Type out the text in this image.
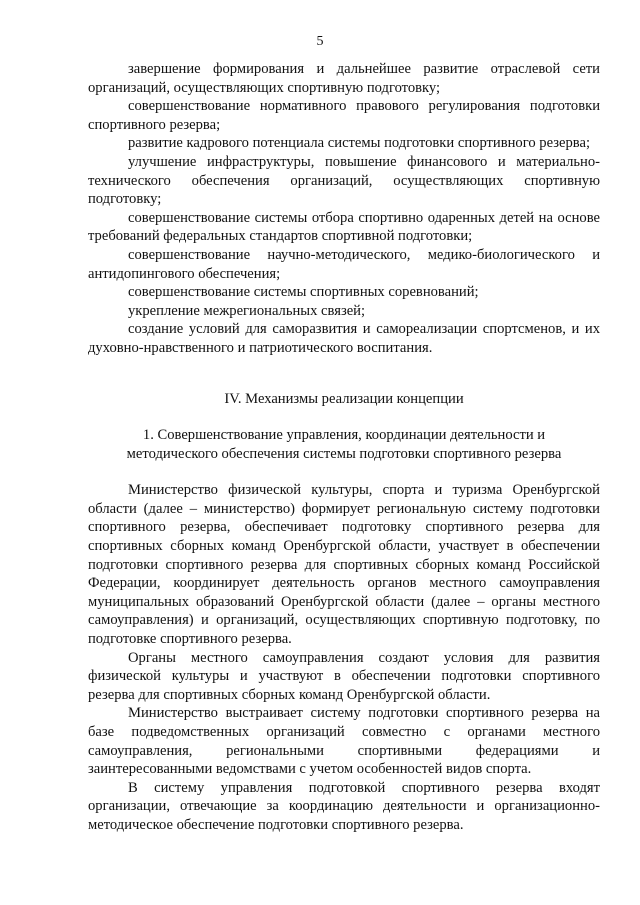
5

завершение формирования и дальнейшее развитие отраслевой сети организаций, осуществляющих спортивную подготовку;

совершенствование нормативного правового регулирования подготовки спортивного резерва;

развитие кадрового потенциала системы подготовки спортивного резерва;

улучшение инфраструктуры, повышение финансового и материально-технического обеспечения организаций, осуществляющих спортивную подготовку;

совершенствование системы отбора спортивно одаренных детей на основе требований федеральных стандартов спортивной подготовки;

совершенствование научно-методического, медико-биологического и антидопингового обеспечения;

совершенствование системы спортивных соревнований;

укрепление межрегиональных связей;

создание условий для саморазвития и самореализации спортсменов, и их духовно-нравственного и патриотического воспитания.

IV. Механизмы реализации концепции
1. Совершенствование управления, координации деятельности и
методического обеспечения системы подготовки спортивного резерва

Министерство физической культуры, спорта и туризма Оренбургской области (далее – министерство) формирует региональную систему подготовки спортивного резерва, обеспечивает подготовку спортивного резерва для спортивных сборных команд Оренбургской области, участвует в обеспечении подготовки спортивного резерва для спортивных сборных команд Российской Федерации, координирует деятельность органов местного самоуправления муниципальных образований Оренбургской области (далее – органы местного самоуправления) и организаций, осуществляющих спортивную подготовку, по подготовке спортивного резерва.

Органы местного самоуправления создают условия для развития физической культуры и участвуют в обеспечении подготовки спортивного резерва для спортивных сборных команд Оренбургской области.

Министерство выстраивает систему подготовки спортивного резерва на базе подведомственных организаций совместно с органами местного самоуправления, региональными спортивными федерациями и заинтересованными ведомствами с учетом особенностей видов спорта.

В систему управления подготовкой спортивного резерва входят организации, отвечающие за координацию деятельности и организационно-методическое обеспечение подготовки спортивного резерва.
